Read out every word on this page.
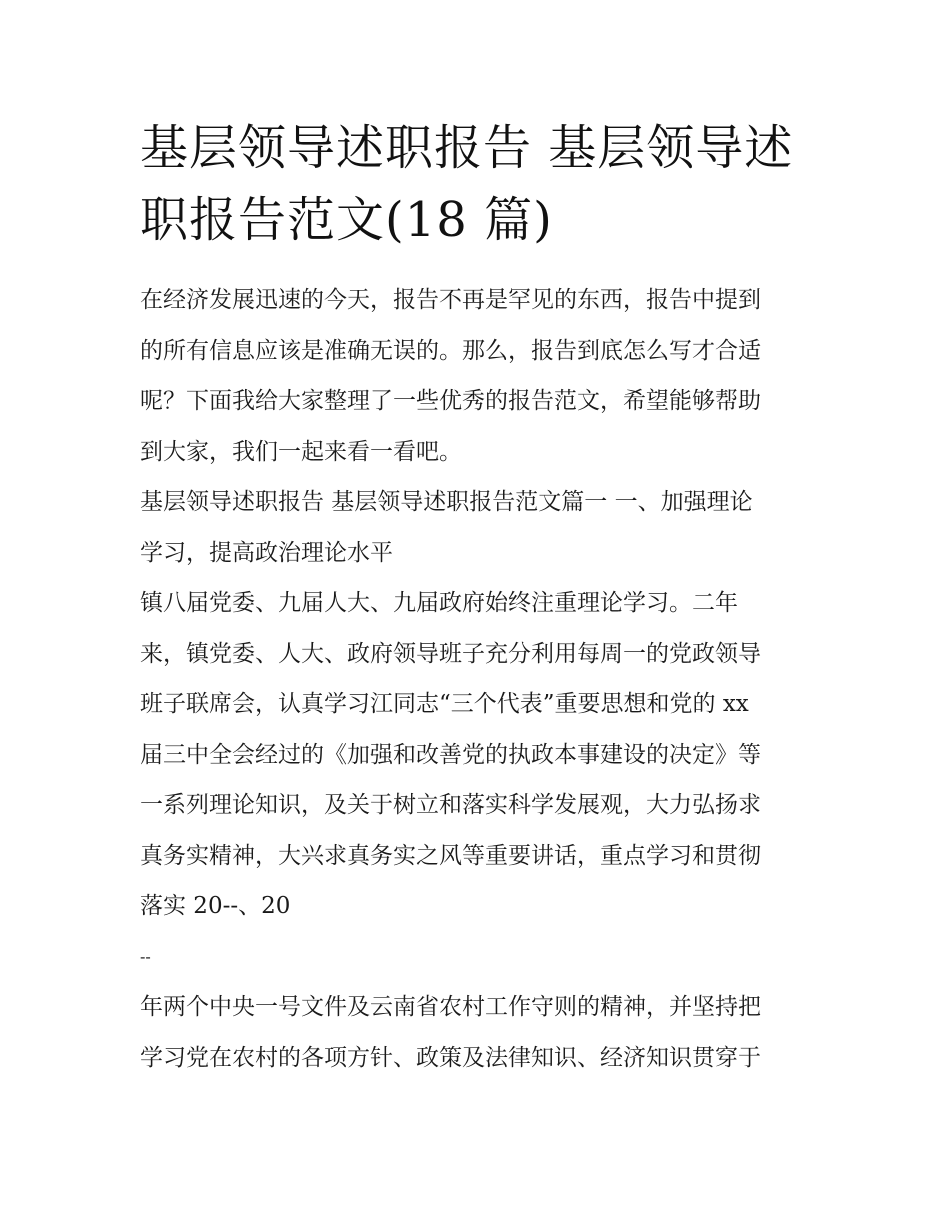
基层领导述职报告 基层领导述
职报告范文(18 篇)
在经济发展迅速的今天，报告不再是罕见的东西，报告中提到
的所有信息应该是准确无误的。那么，报告到底怎么写才合适
呢？下面我给大家整理了一些优秀的报告范文，希望能够帮助
到大家，我们一起来看一看吧。
基层领导述职报告 基层领导述职报告范文篇一 一、加强理论
学习，提高政治理论水平
镇八届党委、九届人大、九届政府始终注重理论学习。二年
来，镇党委、人大、政府领导班子充分利用每周一的党政领导
班子联席会，认真学习江同志“三个代表”重要思想和党的 xx
届三中全会经过的《加强和改善党的执政本事建设的决定》等
一系列理论知识，及关于树立和落实科学发展观，大力弘扬求
真务实精神，大兴求真务实之风等重要讲话，重点学习和贯彻
落实 20--、20
--
年两个中央一号文件及云南省农村工作守则的精神，并坚持把
学习党在农村的各项方针、政策及法律知识、经济知识贯穿于
